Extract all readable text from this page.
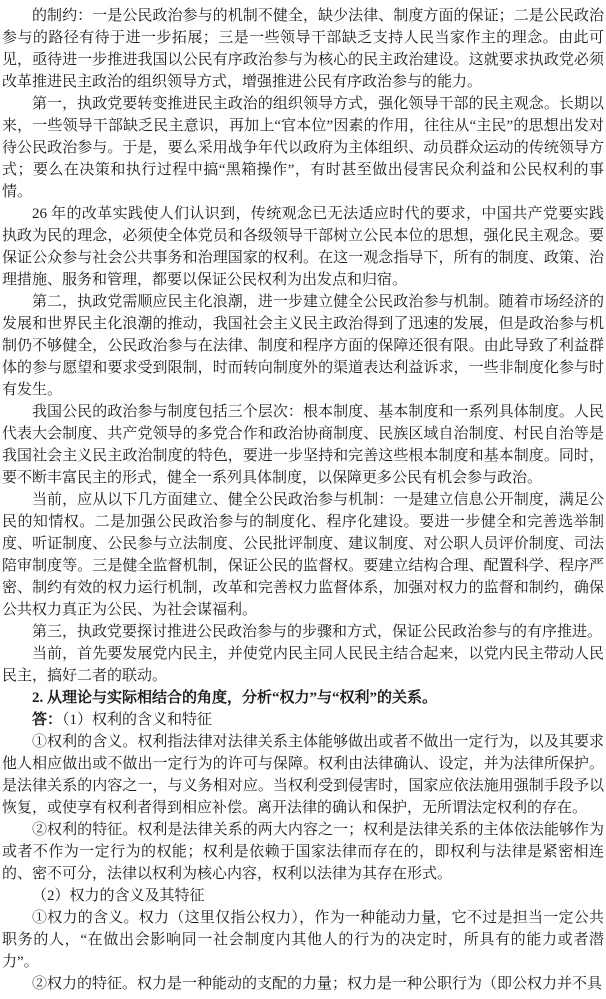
的制约：一是公民政治参与的机制不健全，缺少法律、制度方面的保证；二是公民政治参与的路径有待于进一步拓展；三是一些领导干部缺乏支持人民当家作主的理念。由此可见，亟待进一步推进我国以公民有序政治参与为核心的民主政治建设。这就要求执政党必须改革推进民主政治的组织领导方式，增强推进公民有序政治参与的能力。

第一，执政党要转变推进民主政治的组织领导方式，强化领导干部的民主观念。长期以来，一些领导干部缺乏民主意识，再加上“官本位”因素的作用，往往从“主民”的思想出发对待公民政治参与。于是，要么采用战争年代以政府为主体组织、动员群众运动的传统领导方式；要么在决策和执行过程中搞“黑箱操作”，有时甚至做出侵害民众利益和公民权利的事情。

26 年的改革实践使人们认识到，传统观念已无法适应时代的要求，中国共产党要实践执政为民的理念，必须使全体党员和各级领导干部树立公民本位的思想，强化民主观念。要保证公众参与社会公共事务和治理国家的权利。在这一观念指导下，所有的制度、政策、治理措施、服务和管理，都要以保证公民权利为出发点和归宿。

第二，执政党需顺应民主化浪潮，进一步建立健全公民政治参与机制。随着市场经济的发展和世界民主化浪潮的推动，我国社会主义民主政治得到了迅速的发展，但是政治参与机制仍不够健全，公民政治参与在法律、制度和程序方面的保障还很有限。由此导致了利益群体的参与愿望和要求受到限制，时而转向制度外的渠道表达利益诉求，一些非制度化参与时有发生。

我国公民的政治参与制度包括三个层次：根本制度、基本制度和一系列具体制度。人民代表大会制度、共产党领导的多党合作和政治协商制度、民族区域自治制度、村民自治等是我国社会主义民主政治制度的特色，要进一步坚持和完善这些根本制度和基本制度。同时，要不断丰富民主的形式，健全一系列具体制度，以保障更多公民有机会参与政治。

当前，应从以下几方面建立、健全公民政治参与机制：一是建立信息公开制度，满足公民的知情权。二是加强公民政治参与的制度化、程序化建设。要进一步健全和完善选举制度、听证制度、公民参与立法制度、公民批评制度、建议制度、对公职人员评价制度、司法陪审制度等。三是健全监督机制，保证公民的监督权。要建立结构合理、配置科学、程序严密、制约有效的权力运行机制，改革和完善权力监督体系，加强对权力的监督和制约，确保公共权力真正为公民、为社会谋福利。

第三，执政党要探讨推进公民政治参与的步骤和方式，保证公民政治参与的有序推进。

当前，首先要发展党内民主，并使党内民主同人民民主结合起来，以党内民主带动人民民主，搞好二者的联动。

2. 从理论与实际相结合的角度，分析“权力”与“权利”的关系。

答：（1）权利的含义和特征

①权利的含义。权利指法律对法律关系主体能够做出或者不做出一定行为，以及其要求他人相应做出或不做出一定行为的许可与保障。权利由法律确认、设定，并为法律所保护。是法律关系的内容之一，与义务相对应。当权利受到侵害时，国家应依法施用强制手段予以恢复，或使享有权利者得到相应补偿。离开法律的确认和保护，无所谓法定权利的存在。

②权利的特征。权利是法律关系的两大内容之一；权利是法律关系的主体依法能够作为或者不作为一定行为的权能；权利是依赖于国家法律而存在的，即权利与法律是紧密相连的、密不可分，法律以权利为核心内容，权利以法律为其存在形式。

（2）权力的含义及其特征

①权力的含义。权力（这里仅指公权力），作为一种能动力量，它不过是担当一定公共职务的人，“在做出会影响同一社会制度内其他人的行为的决定时，所具有的能力或者潜力”。

②权力的特征。权力是一种能动的支配的力量；权力是一种公职行为（即公权力并不具
